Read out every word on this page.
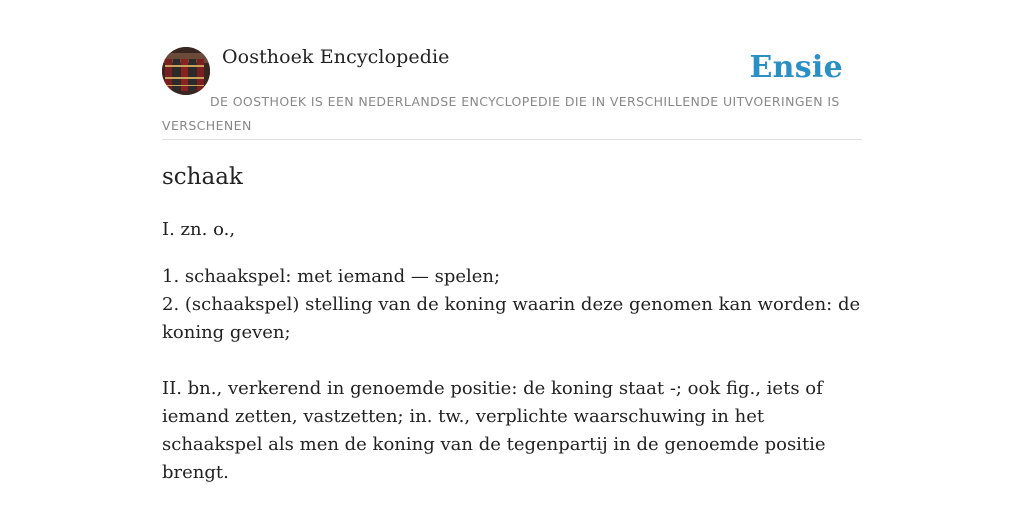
Oosthoek Encyclopedie	Ensie
DE OOSTHOEK IS EEN NEDERLANDSE ENCYCLOPEDIE DIE IN VERSCHILLENDE UITVOERINGEN IS VERSCHENEN
schaak
I. zn. o.,
1. schaakspel: met iemand — spelen;
2. (schaakspel) stelling van de koning waarin deze genomen kan worden: de koning geven;
II. bn., verkerend in genoemde positie: de koning staat -; ook fig., iets of iemand zetten, vastzetten; in. tw., verplichte waarschuwing in het schaakspel als men de koning van de tegenpartij in de genoemde positie brengt.
